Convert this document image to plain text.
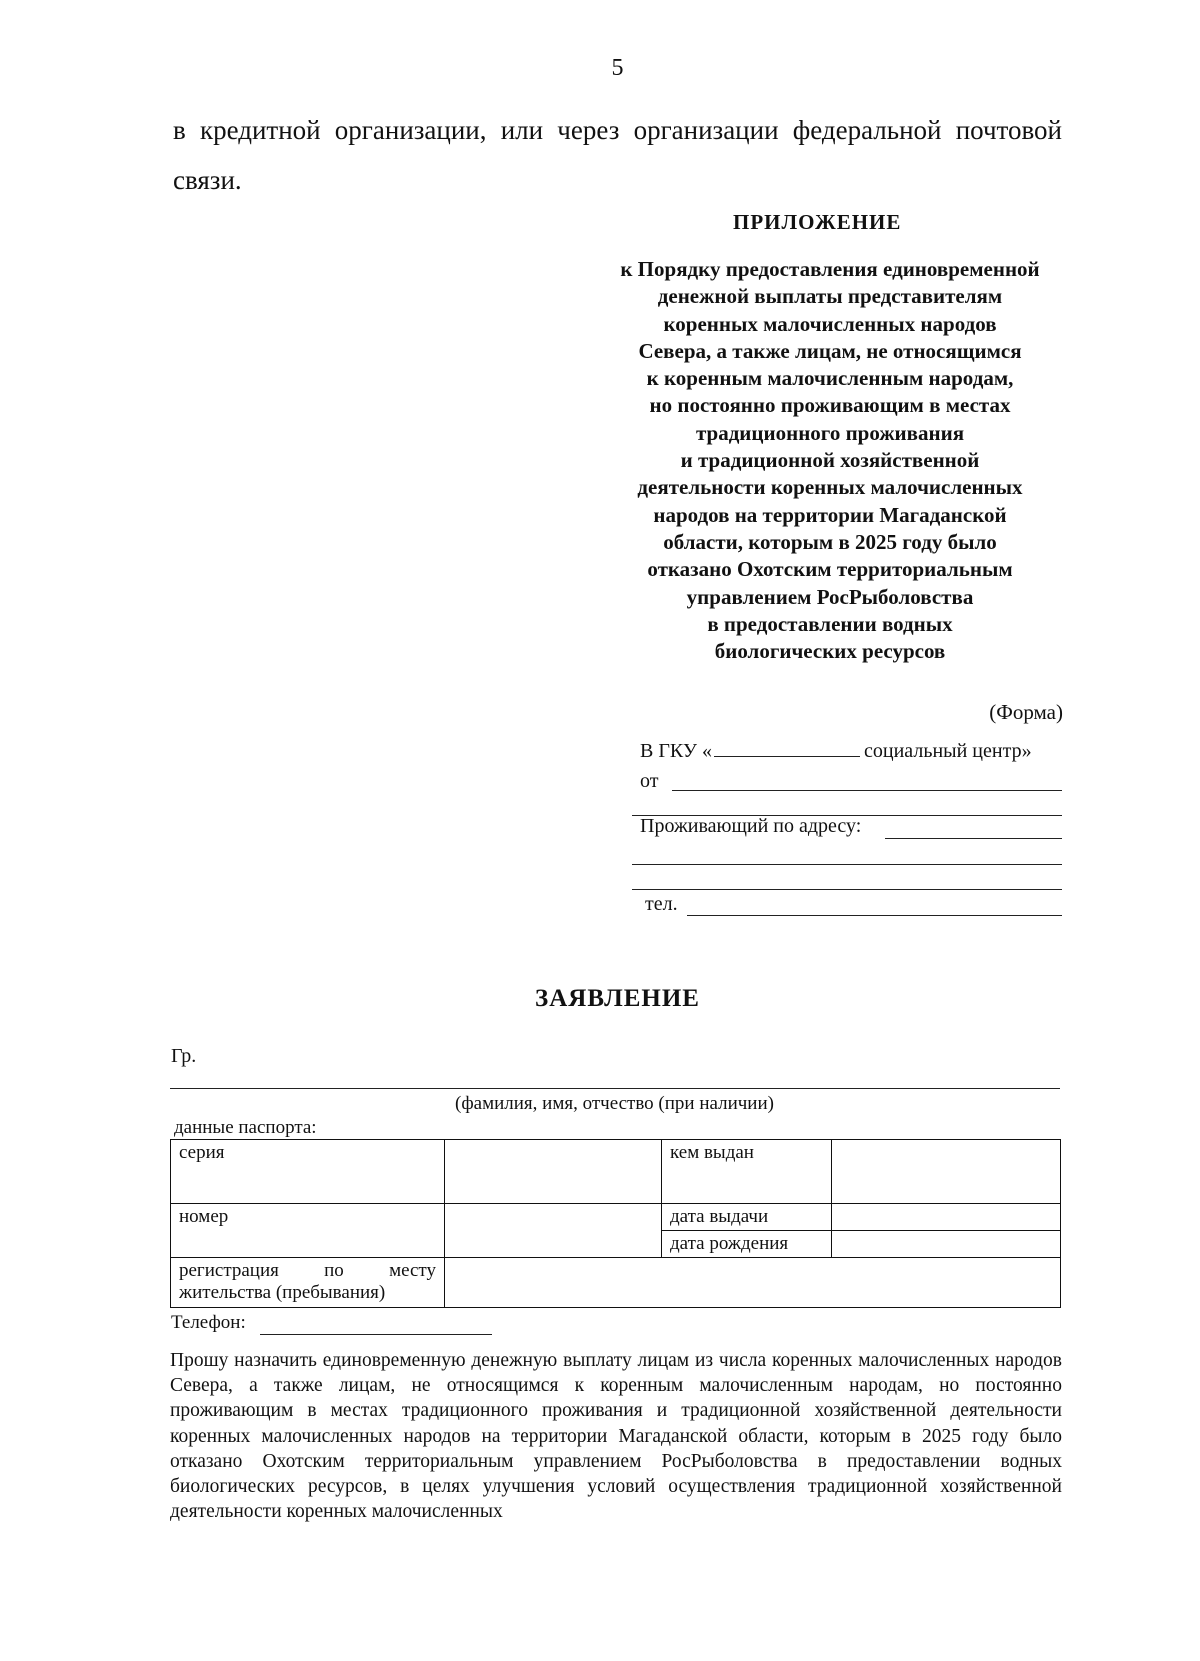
5
в кредитной организации, или через организации федеральной почтовой
связи.
ПРИЛОЖЕНИЕ
к Порядку предоставления единовременной
денежной выплаты представителям
коренных малочисленных народов
Севера, а также лицам, не относящимся
к коренным малочисленным народам,
но постоянно проживающим в местах
традиционного проживания
и традиционной хозяйственной
деятельности коренных малочисленных
народов на территории Магаданской
области, которым в 2025 году было
отказано Охотским территориальным
управлением РосРыболовства
в предоставлении водных
биологических ресурсов
(Форма)
В ГКУ «	социальный центр»
от
Проживающий по адресу:
тел.
ЗАЯВЛЕНИЕ
Гр.
(фамилия, имя, отчество (при наличии)
данные паспорта:
серия		кем выдан	
номер		дата выдачи	
		дата рождения	
регистрация по месту жительства (пребывания)			
Телефон:
Прошу назначить единовременную денежную выплату лицам из числа коренных малочисленных народов Севера, а также лицам, не относящимся к коренным малочисленным народам, но постоянно проживающим в местах традиционного проживания и традиционной хозяйственной деятельности коренных малочисленных народов на территории Магаданской области, которым в 2025 году было отказано Охотским территориальным управлением РосРыболовства в предоставлении водных биологических ресурсов, в целях улучшения условий осуществления традиционной хозяйственной деятельности коренных малочисленных
